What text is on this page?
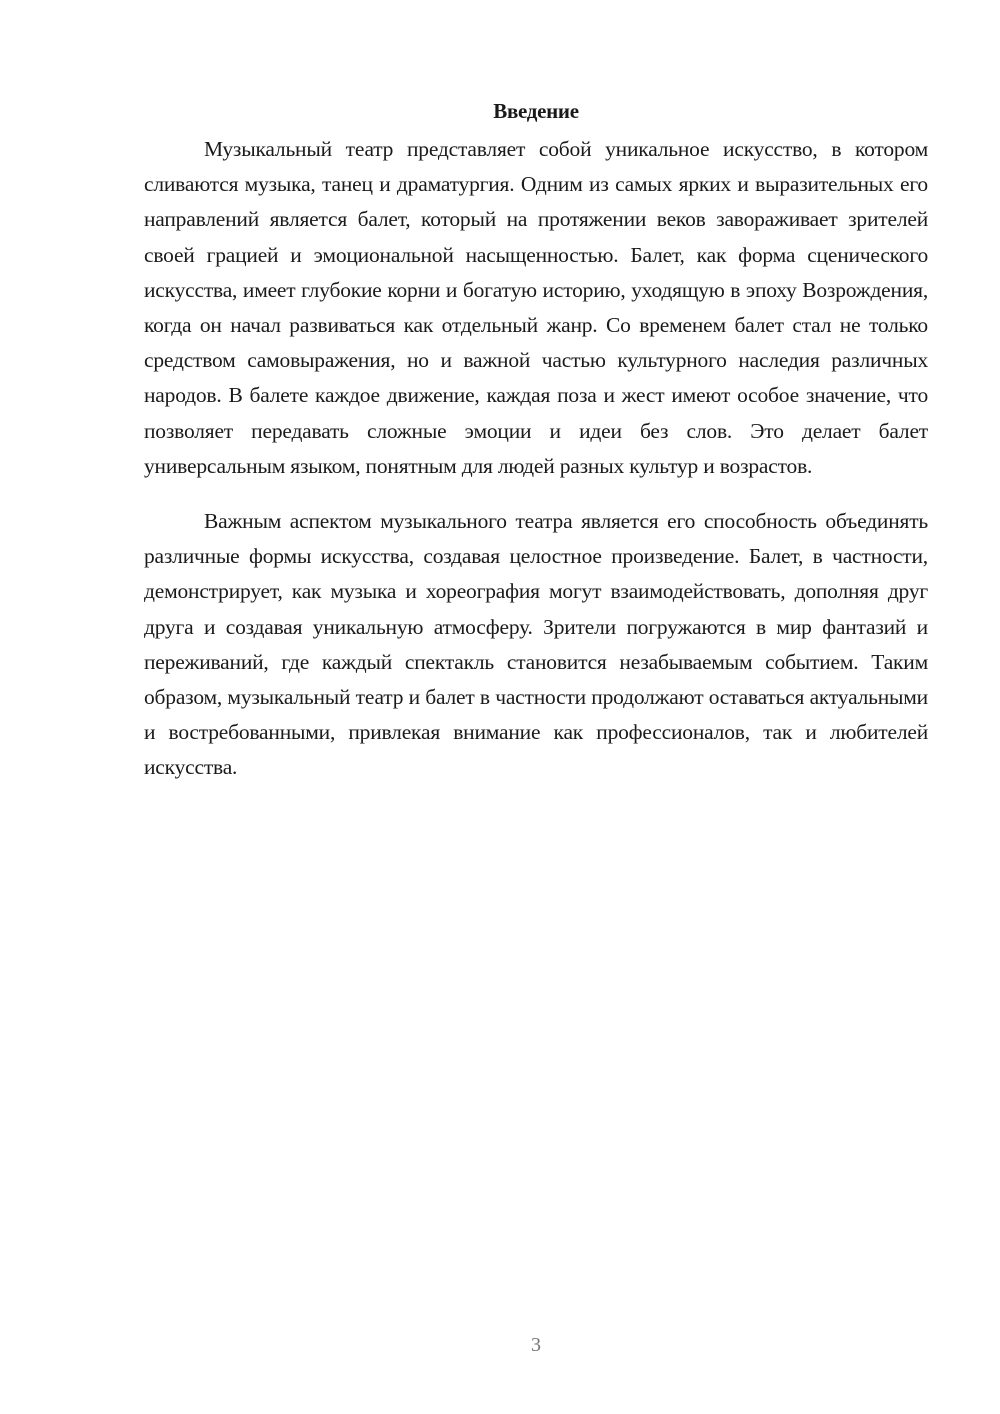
Введение

Музыкальный театр представляет собой уникальное искусство, в котором сливаются музыка, танец и драматургия. Одним из самых ярких и выразительных его направлений является балет, который на протяжении веков завораживает зрителей своей грацией и эмоциональной насыщенностью. Балет, как форма сценического искусства, имеет глубокие корни и богатую историю, уходящую в эпоху Возрождения, когда он начал развиваться как отдельный жанр. Со временем балет стал не только средством самовыражения, но и важной частью культурного наследия различных народов. В балете каждое движение, каждая поза и жест имеют особое значение, что позволяет передавать сложные эмоции и идеи без слов. Это делает балет универсальным языком, понятным для людей разных культур и возрастов.

Важным аспектом музыкального театра является его способность объединять различные формы искусства, создавая целостное произведение. Балет, в частности, демонстрирует, как музыка и хореография могут взаимодействовать, дополняя друг друга и создавая уникальную атмосферу. Зрители погружаются в мир фантазий и переживаний, где каждый спектакль становится незабываемым событием. Таким образом, музыкальный театр и балет в частности продолжают оставаться актуальными и востребованными, привлекая внимание как профессионалов, так и любителей искусства.

3
